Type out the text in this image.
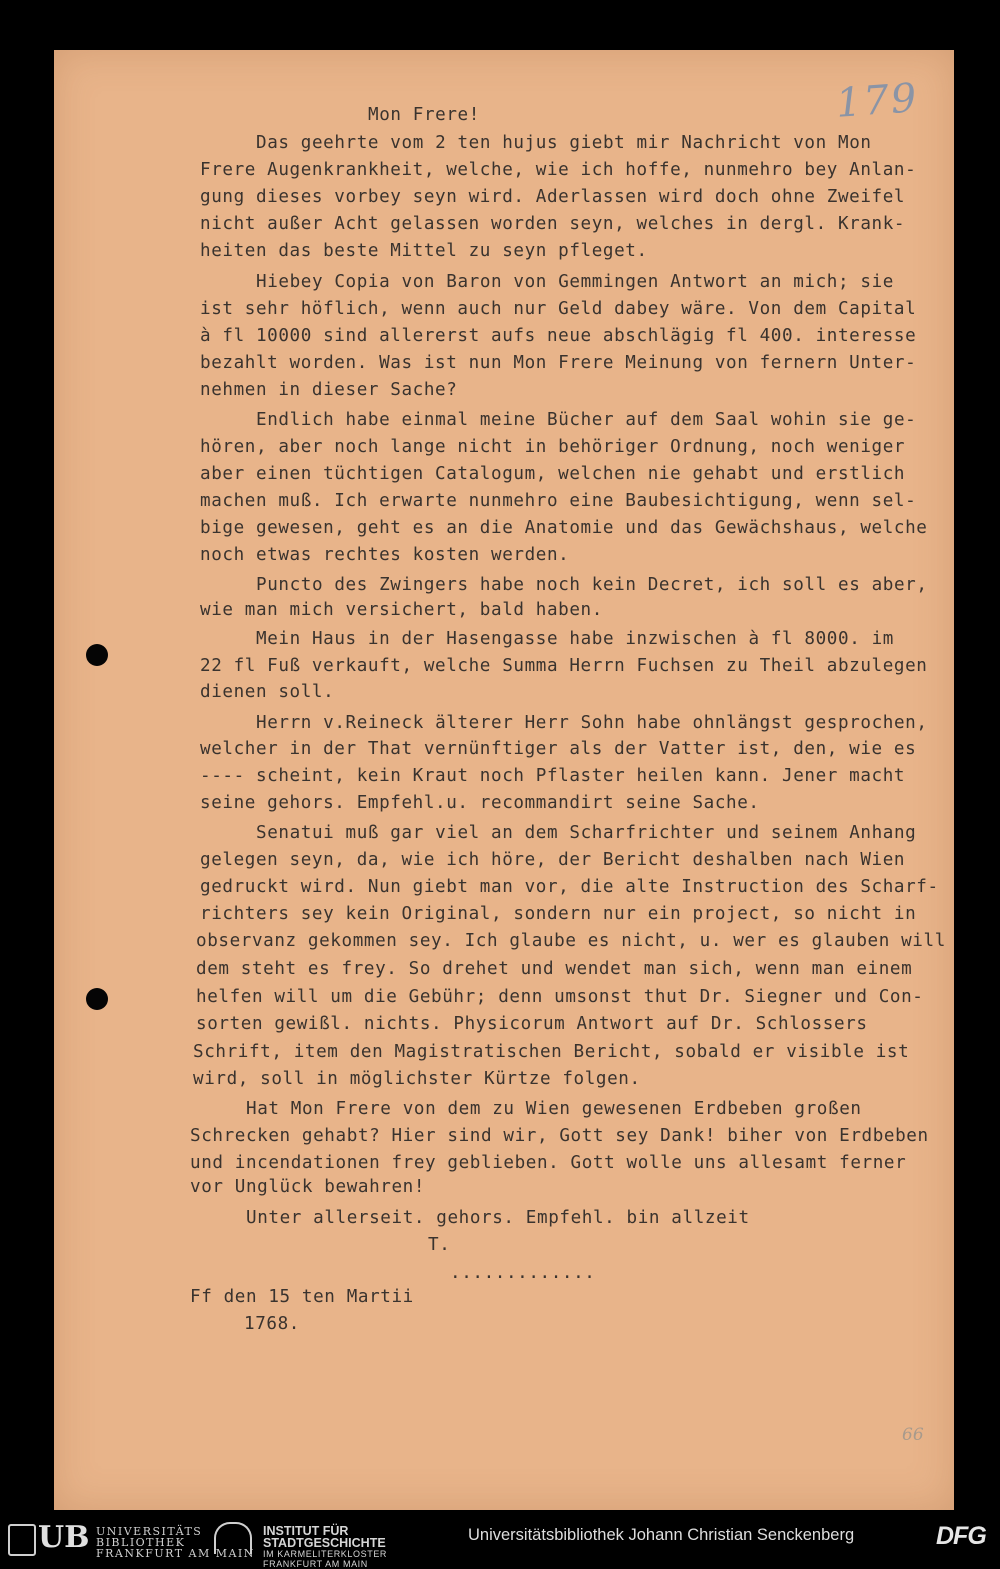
179
66

Mon Frere!

Das geehrte vom 2 ten hujus giebt mir Nachricht von Mon

Frere Augenkrankheit, welche, wie ich hoffe, nunmehro bey Anlan-

gung dieses vorbey seyn wird. Aderlassen wird doch ohne Zweifel

nicht außer Acht gelassen worden seyn, welches in dergl. Krank-

heiten das beste Mittel zu seyn pfleget.

Hiebey Copia von Baron von Gemmingen Antwort an mich; sie

ist sehr höflich, wenn auch nur Geld dabey wäre. Von dem Capital

à fl 10000 sind allererst aufs neue abschlägig fl 400. interesse

bezahlt worden. Was ist nun Mon Frere Meinung von fernern Unter-

nehmen in dieser Sache?

Endlich habe einmal meine Bücher auf dem Saal wohin sie ge-

hören, aber noch lange nicht in behöriger Ordnung, noch weniger

aber einen tüchtigen Catalogum, welchen nie gehabt und erstlich

machen muß. Ich erwarte nunmehro eine Baubesichtigung, wenn sel-

bige gewesen, geht es an die Anatomie und das Gewächshaus, welche

noch etwas rechtes kosten werden.

Puncto des Zwingers habe noch kein Decret, ich soll es aber,

wie man mich versichert, bald haben.

Mein Haus in der Hasengasse habe inzwischen à fl 8000. im

22 fl Fuß verkauft, welche Summa Herrn Fuchsen zu Theil abzulegen

dienen soll.

Herrn v.Reineck älterer Herr Sohn habe ohnlängst gesprochen,

welcher in der That vernünftiger als der Vatter ist, den, wie es

---- scheint, kein Kraut noch Pflaster heilen kann. Jener macht

seine gehors. Empfehl.u. recommandirt seine Sache.

Senatui muß gar viel an dem Scharfrichter und seinem Anhang

gelegen seyn, da, wie ich höre, der Bericht deshalben nach Wien

gedruckt wird. Nun giebt man vor, die alte Instruction des Scharf-

richters sey kein Original, sondern nur ein project, so nicht in

observanz gekommen sey. Ich glaube es nicht, u. wer es glauben will

dem steht es frey. So drehet und wendet man sich, wenn man einem

helfen will um die Gebühr; denn umsonst thut Dr. Siegner und Con-

sorten gewißl. nichts. Physicorum Antwort auf Dr. Schlossers

Schrift, item den Magistratischen Bericht, sobald er visible ist

wird, soll in möglichster Kürtze folgen.

Hat Mon Frere von dem zu Wien gewesenen Erdbeben großen

Schrecken gehabt? Hier sind wir, Gott sey Dank! biher von Erdbeben

und incendationen frey geblieben. Gott wolle uns allesamt ferner

vor Unglück bewahren!

Unter allerseit. gehors. Empfehl. bin allzeit

T.

.............

Ff den 15 ten Martii

1768.

UB UNIVERSITÄTS
BIBLIOTHEK
FRANKFURT AM MAIN
INSTITUT FÜR
STADTGESCHICHTE
IM KARMELITERKLOSTER
FRANKFURT AM MAIN
Universitätsbibliothek Johann Christian Senckenberg	DFG
